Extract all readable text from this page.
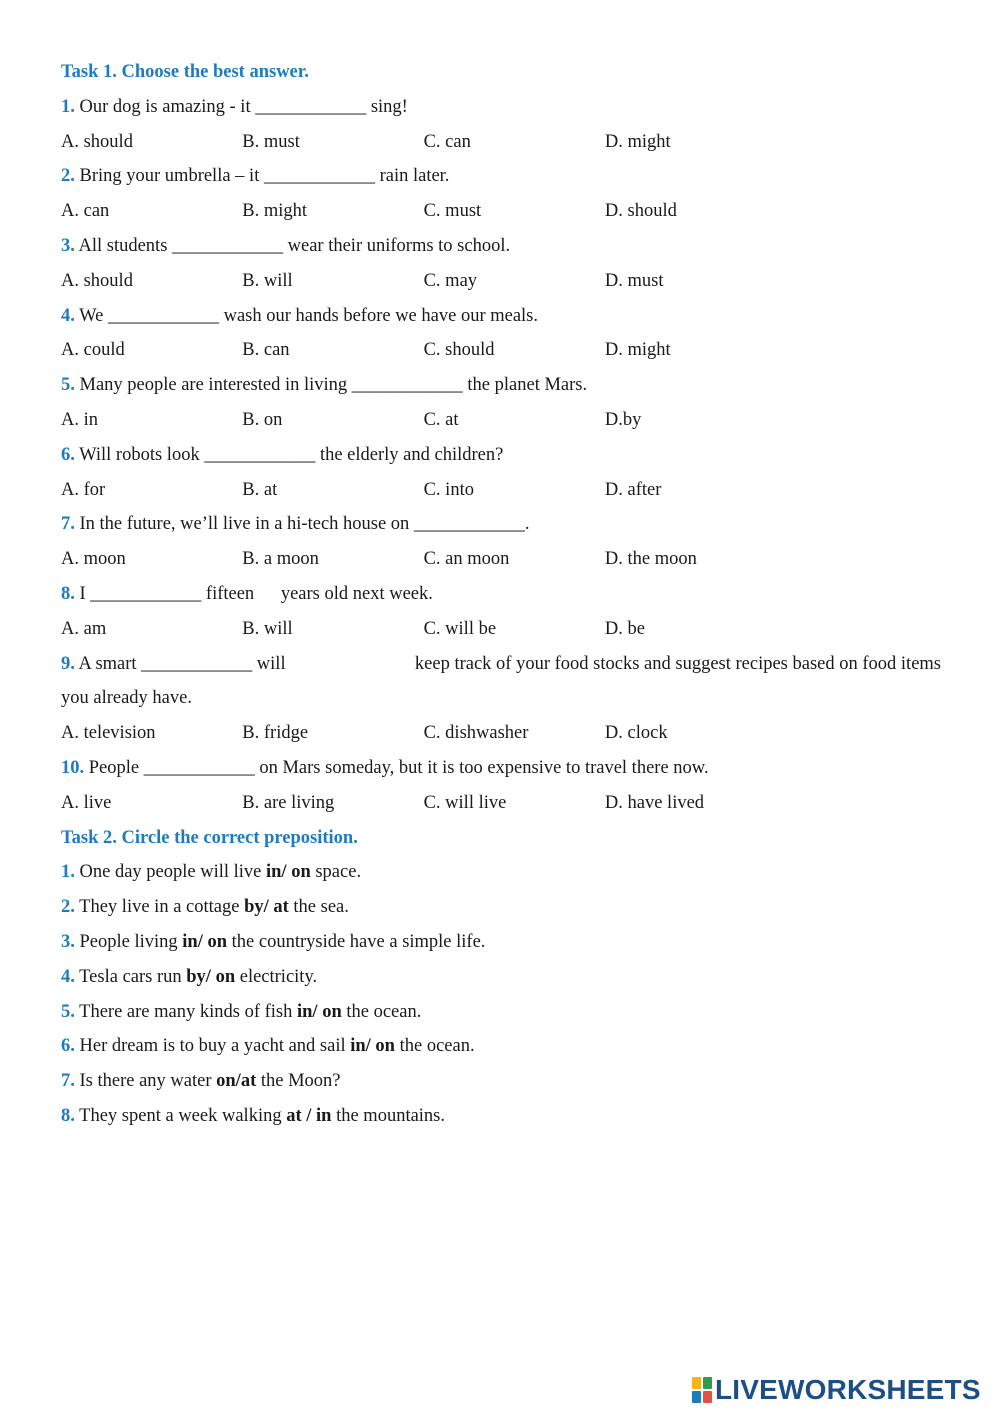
Task 1. Choose the best answer.
1. Our dog is amazing - it ____________ sing!
A. should	B. must	C. can	D. might
2. Bring your umbrella – it ____________ rain later.
A. can	B. might	C. must	D. should
3. All students ____________ wear their uniforms to school.
A. should	B. will	C. may	D. must
4. We ____________ wash our hands before we have our meals.
A. could	B. can	C. should	D. might
5. Many people are interested in living ____________ the planet Mars.
A. in	B. on	C. at	D.by
6. Will robots look ____________ the elderly and children?
A. for	B. at	C. into	D. after
7. In the future, we’ll live in a hi-tech house on ____________.
A. moon	B. a moon	C. an moon	D. the moon
8. I ____________ fifteen years old next week.
A. am	B. will	C. will be	D. be
9. A smart ____________ will	keep track of your food stocks and suggest recipes based on food items
you already have.
A. television	B. fridge	C. dishwasher	D. clock
10. People ____________ on Mars someday, but it is too expensive to travel there now.
A. live	B. are living	C. will live	D. have lived
Task 2. Circle the correct preposition.
1. One day people will live in/ on space.
2. They live in a cottage by/ at the sea.
3. People living in/ on the countryside have a simple life.
4. Tesla cars run by/ on electricity.
5. There are many kinds of fish in/ on the ocean.
6. Her dream is to buy a yacht and sail in/ on the ocean.
7. Is there any water on/at the Moon?
8. They spent a week walking at / in the mountains.
LIVEWORKSHEETS
